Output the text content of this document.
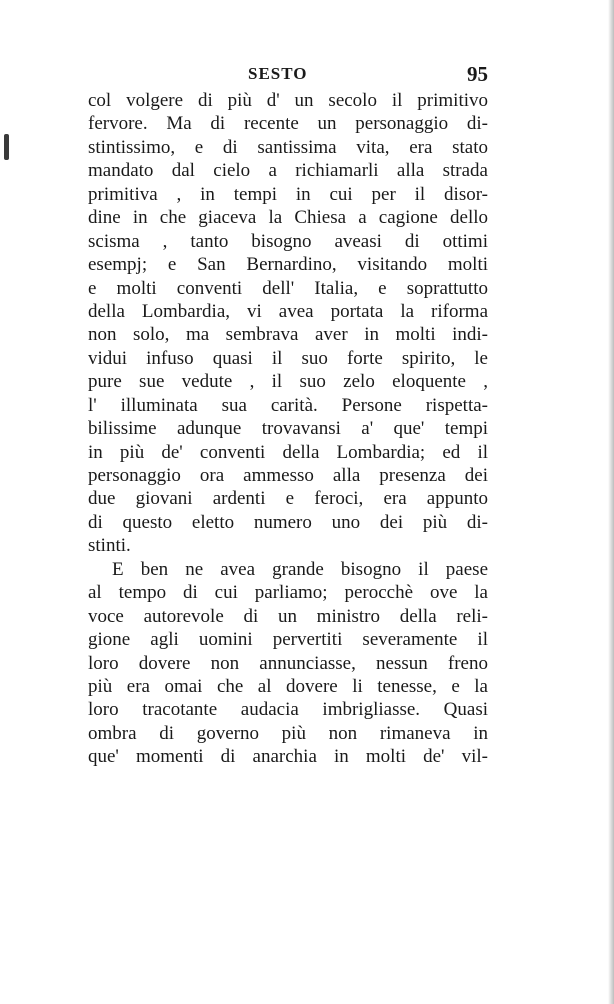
SESTO	95
col volgere di più d' un secolo il primitivo
fervore. Ma di recente un personaggio di-
stintissimo, e di santissima vita, era stato
mandato dal cielo a richiamarli alla strada
primitiva , in tempi in cui per il disor-
dine in che giaceva la Chiesa a cagione dello
scisma , tanto bisogno aveasi di ottimi
esempj; e San Bernardino, visitando molti
e molti conventi dell' Italia, e soprattutto
della Lombardia, vi avea portata la riforma
non solo, ma sembrava aver in molti indi-
vidui infuso quasi il suo forte spirito, le
pure sue vedute , il suo zelo eloquente ,
l' illuminata sua carità. Persone rispetta-
bilissime adunque trovavansi a' que' tempi
in più de' conventi della Lombardia; ed il
personaggio ora ammesso alla presenza dei
due giovani ardenti e feroci, era appunto
di questo eletto numero uno dei più di-
stinti.
E ben ne avea grande bisogno il paese
al tempo di cui parliamo; perocchè ove la
voce autorevole di un ministro della reli-
gione agli uomini pervertiti severamente il
loro dovere non annunciasse, nessun freno
più era omai che al dovere li tenesse, e la
loro tracotante audacia imbrigliasse. Quasi
ombra di governo più non rimaneva in
que' momenti di anarchia in molti de' vil-
